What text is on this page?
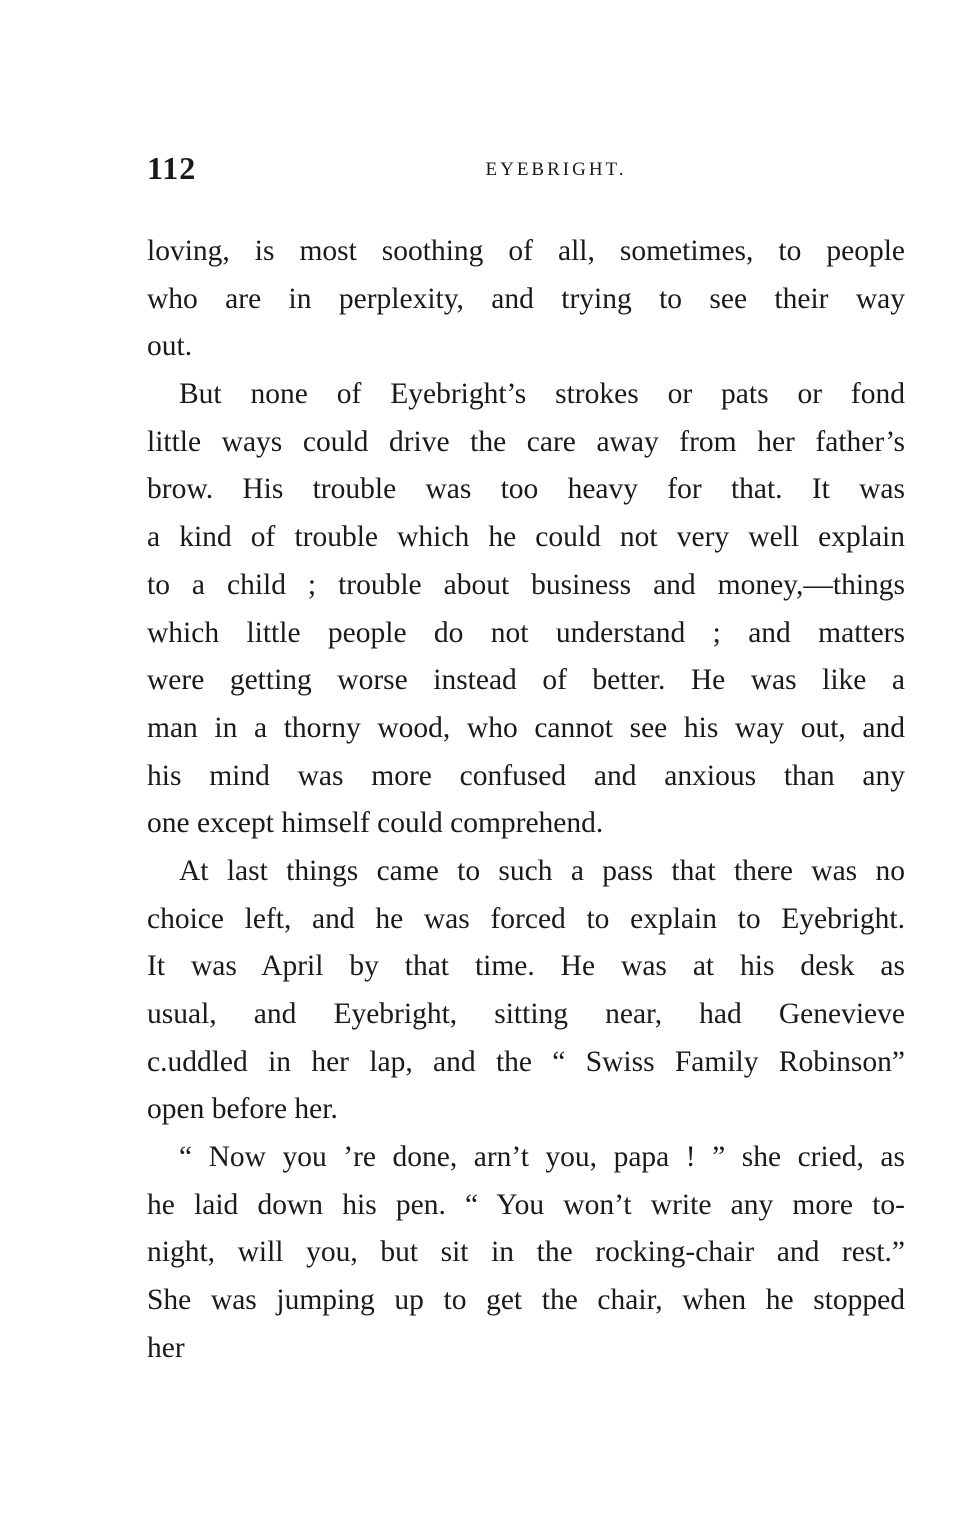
112	EYEBRIGHT.
loving, is most soothing of all, sometimes, to people
who are in perplexity, and trying to see their way
out.
But none of Eyebright’s strokes or pats or fond
little ways could drive the care away from her father’s
brow. His trouble was too heavy for that. It was
a kind of trouble which he could not very well explain
to a child ; trouble about business and money,—things
which little people do not understand ; and matters
were getting worse instead of better. He was like a
man in a thorny wood, who cannot see his way out, and
his mind was more confused and anxious than any
one except himself could comprehend.
At last things came to such a pass that there was no
choice left, and he was forced to explain to Eyebright.
It was April by that time. He was at his desk as
usual, and Eyebright, sitting near, had Genevieve
c.uddled in her lap, and the “ Swiss Family Robinson”
open before her.
“ Now you ’re done, arn’t you, papa ! ” she cried, as
he laid down his pen. “ You won’t write any more to-
night, will you, but sit in the rocking-chair and rest.”
She was jumping up to get the chair, when he stopped
her
